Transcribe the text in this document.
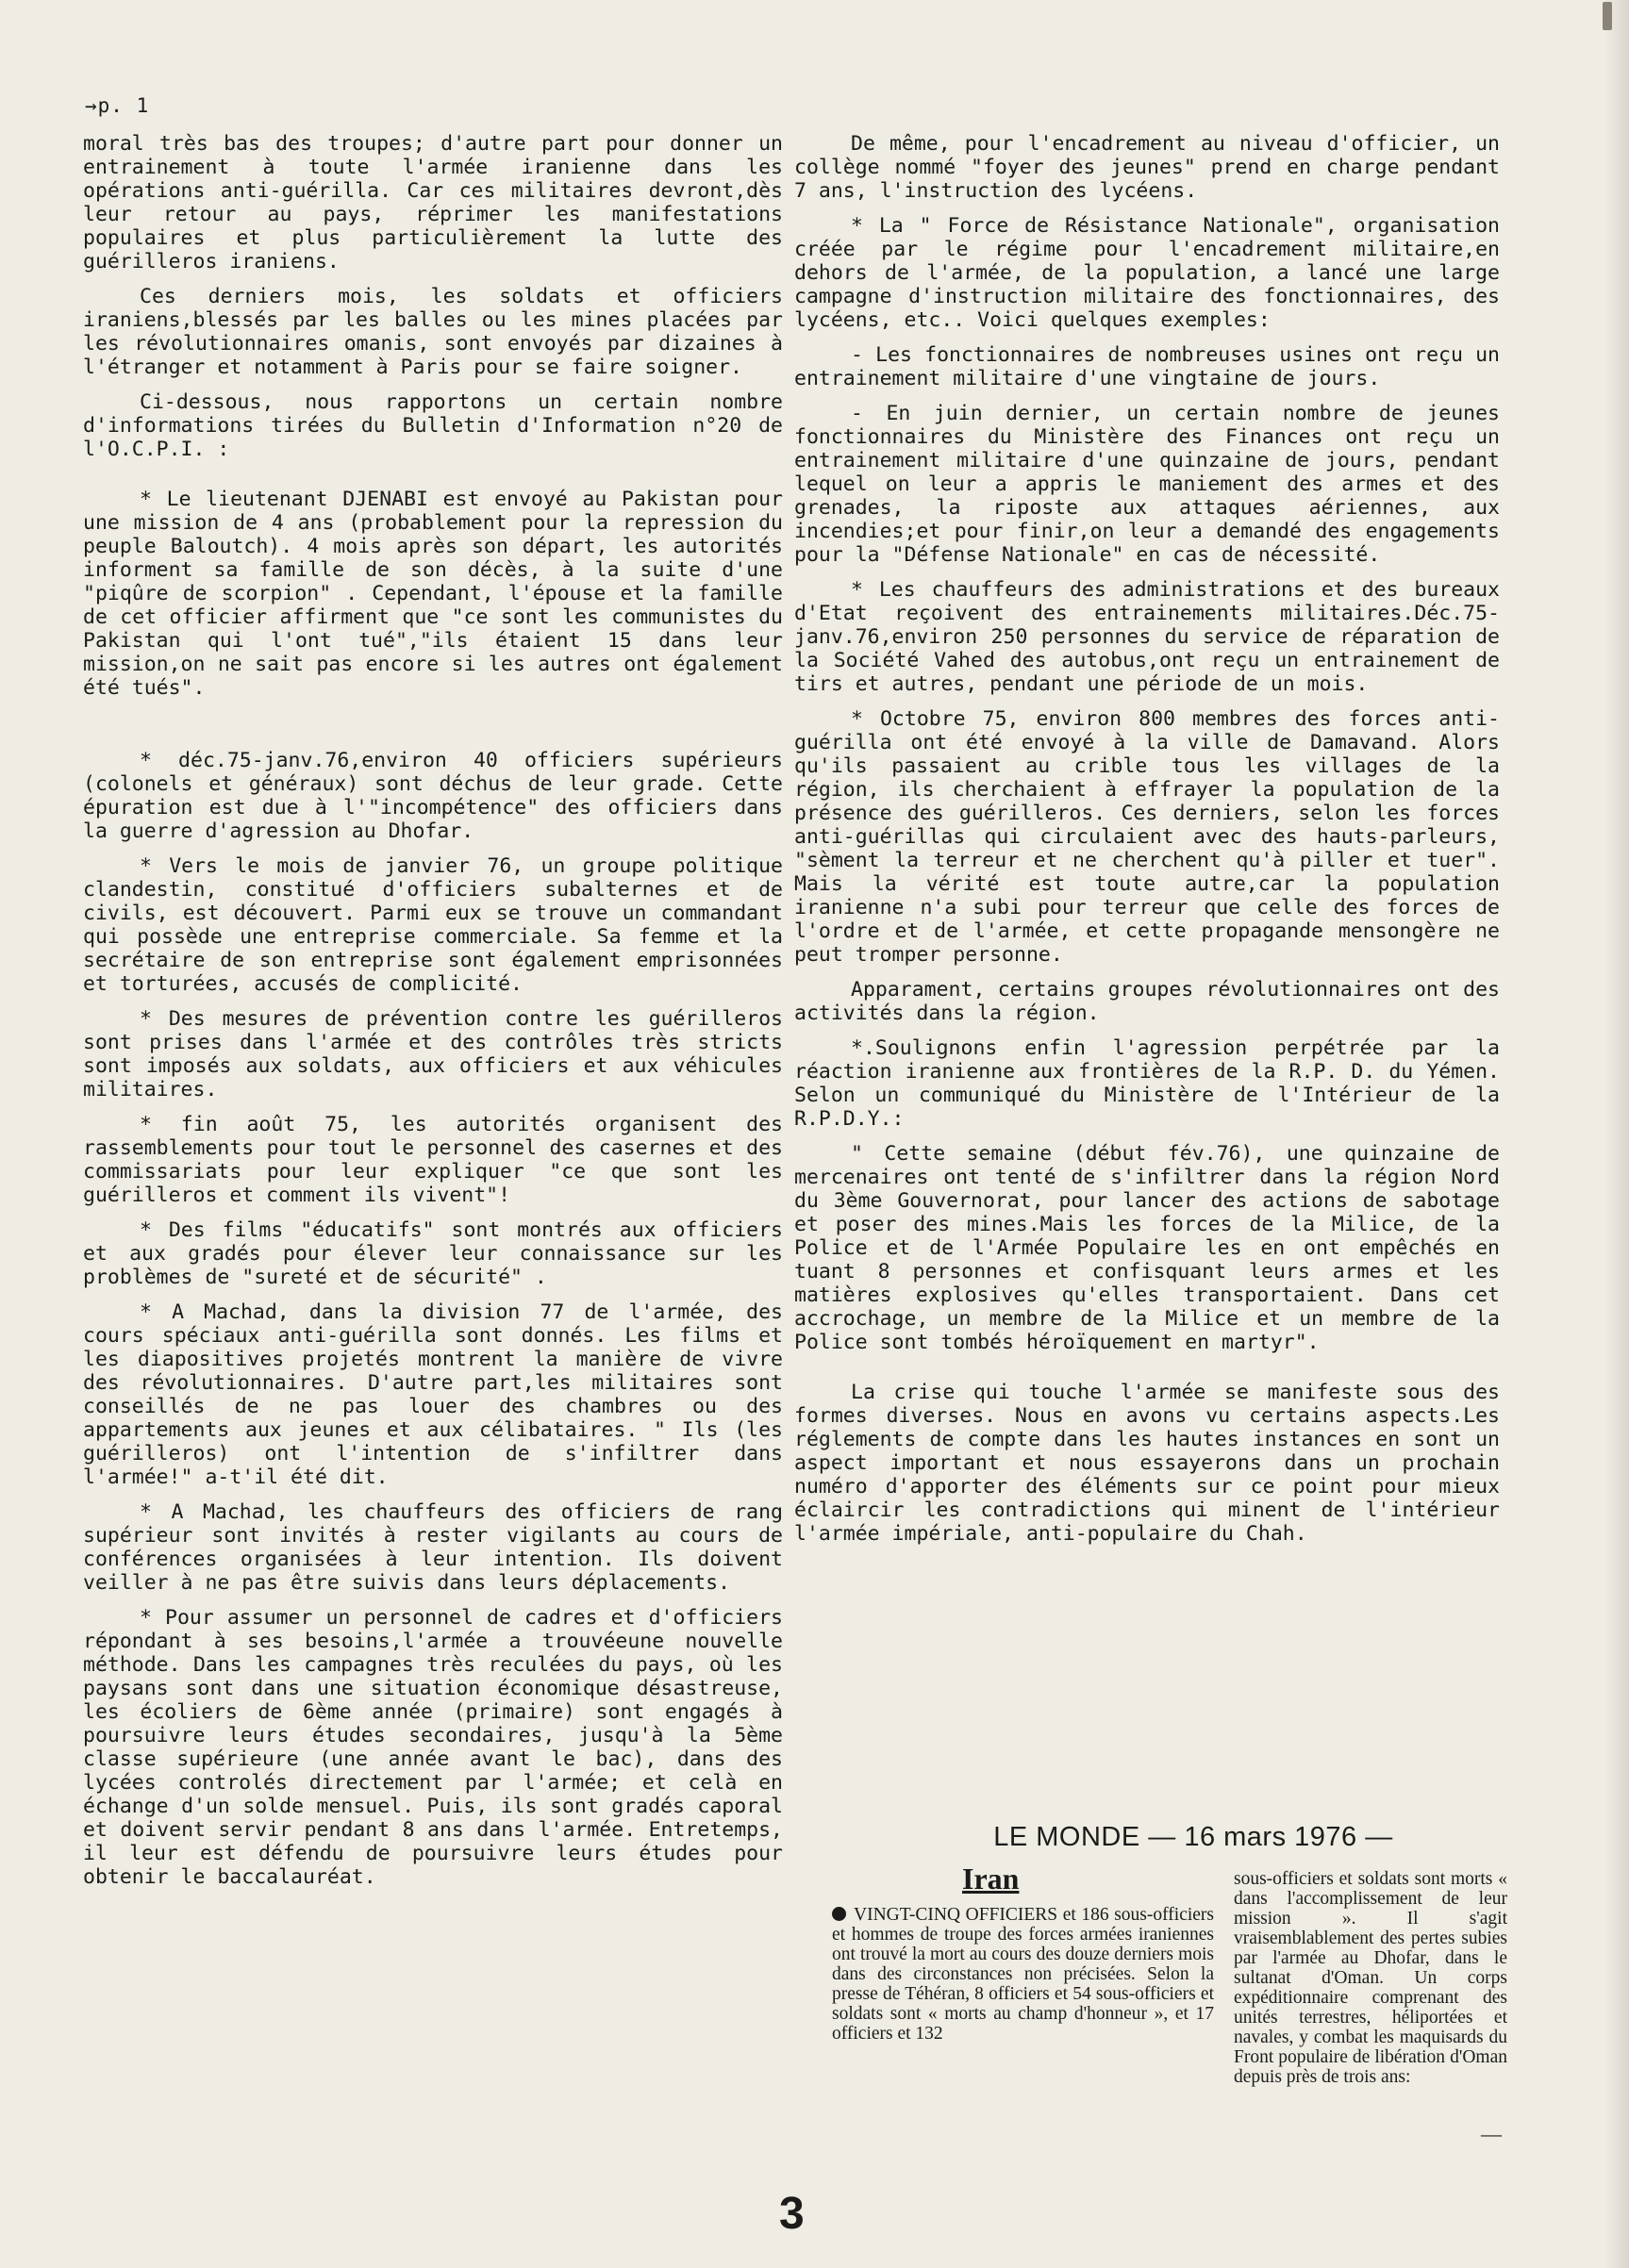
→p. 1

moral très bas des troupes; d'autre part pour donner un entrainement à toute l'armée iranienne dans les opérations anti-guérilla. Car ces militaires devront,dès leur retour au pays, réprimer les manifestations populaires et plus particulièrement la lutte des guérilleros iraniens.

Ces derniers mois, les soldats et officiers iraniens,blessés par les balles ou les mines placées par les révolutionnaires omanis, sont envoyés par dizaines à l'étranger et notamment à Paris pour se faire soigner.

Ci-dessous, nous rapportons un certain nombre d'informations tirées du Bulletin d'Information n°20 de l'O.C.P.I. :

* Le lieutenant DJENABI est envoyé au Pakistan pour une mission de 4 ans (probablement pour la repression du peuple Baloutch). 4 mois après son départ, les autorités informent sa famille de son décès, à la suite d'une "piqûre de scorpion" . Cependant, l'épouse et la famille de cet officier affirment que "ce sont les communistes du Pakistan qui l'ont tué","ils étaient 15 dans leur mission,on ne sait pas encore si les autres ont également été tués".

* déc.75-janv.76,environ 40 officiers supérieurs (colonels et généraux) sont déchus de leur grade. Cette épuration est due à l'"incompétence" des officiers dans la guerre d'agression au Dhofar.

* Vers le mois de janvier 76, un groupe politique clandestin, constitué d'officiers subalternes et de civils, est découvert. Parmi eux se trouve un commandant qui possède une entreprise commerciale. Sa femme et la secrétaire de son entreprise sont également emprisonnées et torturées, accusés de complicité.

* Des mesures de prévention contre les guérilleros sont prises dans l'armée et des contrôles très stricts sont imposés aux soldats, aux officiers et aux véhicules militaires.

* fin août 75, les autorités organisent des rassemblements pour tout le personnel des casernes et des commissariats pour leur expliquer "ce que sont les guérilleros et comment ils vivent"!

* Des films "éducatifs" sont montrés aux officiers et aux gradés pour élever leur connaissance sur les problèmes de "sureté et de sécurité" .

* A Machad, dans la division 77 de l'armée, des cours spéciaux anti-guérilla sont donnés. Les films et les diapositives projetés montrent la manière de vivre des révolutionnaires. D'autre part,les militaires sont conseillés de ne pas louer des chambres ou des appartements aux jeunes et aux célibataires. " Ils (les guérilleros) ont l'intention de s'infiltrer dans l'armée!" a-t'il été dit.

* A Machad, les chauffeurs des officiers de rang supérieur sont invités à rester vigilants au cours de conférences organisées à leur intention. Ils doivent veiller à ne pas être suivis dans leurs déplacements.

* Pour assumer un personnel de cadres et d'officiers répondant à ses besoins,l'armée a trouvéeune nouvelle méthode. Dans les campagnes très reculées du pays, où les paysans sont dans une situation économique désastreuse, les écoliers de 6ème année (primaire) sont engagés à poursuivre leurs études secondaires, jusqu'à la 5ème classe supérieure (une année avant le bac), dans des lycées controlés directement par l'armée; et celà en échange d'un solde mensuel. Puis, ils sont gradés caporal et doivent servir pendant 8 ans dans l'armée. Entretemps, il leur est défendu de poursuivre leurs études pour obtenir le baccalauréat.

De même, pour l'encadrement au niveau d'officier, un collège nommé "foyer des jeunes" prend en charge pendant 7 ans, l'instruction des lycéens.

* La " Force de Résistance Nationale", organisation créée par le régime pour l'encadrement militaire,en dehors de l'armée, de la population, a lancé une large campagne d'instruction militaire des fonctionnaires, des lycéens, etc.. Voici quelques exemples:

- Les fonctionnaires de nombreuses usines ont reçu un entrainement militaire d'une vingtaine de jours.

- En juin dernier, un certain nombre de jeunes fonctionnaires du Ministère des Finances ont reçu un entrainement militaire d'une quinzaine de jours, pendant lequel on leur a appris le maniement des armes et des grenades, la riposte aux attaques aériennes, aux incendies;et pour finir,on leur a demandé des engagements pour la "Défense Nationale" en cas de nécessité.

* Les chauffeurs des administrations et des bureaux d'Etat reçoivent des entrainements militaires.Déc.75-janv.76,environ 250 personnes du service de réparation de la Société Vahed des autobus,ont reçu un entrainement de tirs et autres, pendant une période de un mois.

* Octobre 75, environ 800 membres des forces anti-guérilla ont été envoyé à la ville de Damavand. Alors qu'ils passaient au crible tous les villages de la région, ils cherchaient à effrayer la population de la présence des guérilleros. Ces derniers, selon les forces anti-guérillas qui circulaient avec des hauts-parleurs, "sèment la terreur et ne cherchent qu'à piller et tuer". Mais la vérité est toute autre,car la population iranienne n'a subi pour terreur que celle des forces de l'ordre et de l'armée, et cette propagande mensongère ne peut tromper personne.

Apparament, certains groupes révolutionnaires ont des activités dans la région.

*.Soulignons enfin l'agression perpétrée par la réaction iranienne aux frontières de la R.P. D. du Yémen. Selon un communiqué du Ministère de l'Intérieur de la R.P.D.Y.:

" Cette semaine (début fév.76), une quinzaine de mercenaires ont tenté de s'infiltrer dans la région Nord du 3ème Gouvernorat, pour lancer des actions de sabotage et poser des mines.Mais les forces de la Milice, de la Police et de l'Armée Populaire les en ont empêchés en tuant 8 personnes et confisquant leurs armes et les matières explosives qu'elles transportaient. Dans cet accrochage, un membre de la Milice et un membre de la Police sont tombés héroïquement en martyr".

La crise qui touche l'armée se manifeste sous des formes diverses. Nous en avons vu certains aspects.Les réglements de compte dans les hautes instances en sont un aspect important et nous essayerons dans un prochain numéro d'apporter des éléments sur ce point pour mieux éclaircir les contradictions qui minent de l'intérieur l'armée impériale, anti-populaire du Chah.

LE MONDE — 16 mars 1976 —
Iran
VINGT-CINQ OFFICIERS et 186 sous-officiers et hommes de troupe des forces armées iraniennes ont trouvé la mort au cours des douze derniers mois dans des circonstances non précisées. Selon la presse de Téhéran, 8 officiers et 54 sous-officiers et soldats sont « morts au champ d'honneur », et 17 officiers et 132
sous-officiers et soldats sont morts « dans l'accomplissement de leur mission ». Il s'agit vraisemblablement des pertes subies par l'armée au Dhofar, dans le sultanat d'Oman. Un corps expéditionnaire comprenant des unités terrestres, héliportées et navales, y combat les maquisards du Front populaire de libération d'Oman depuis près de trois ans:
—
3
